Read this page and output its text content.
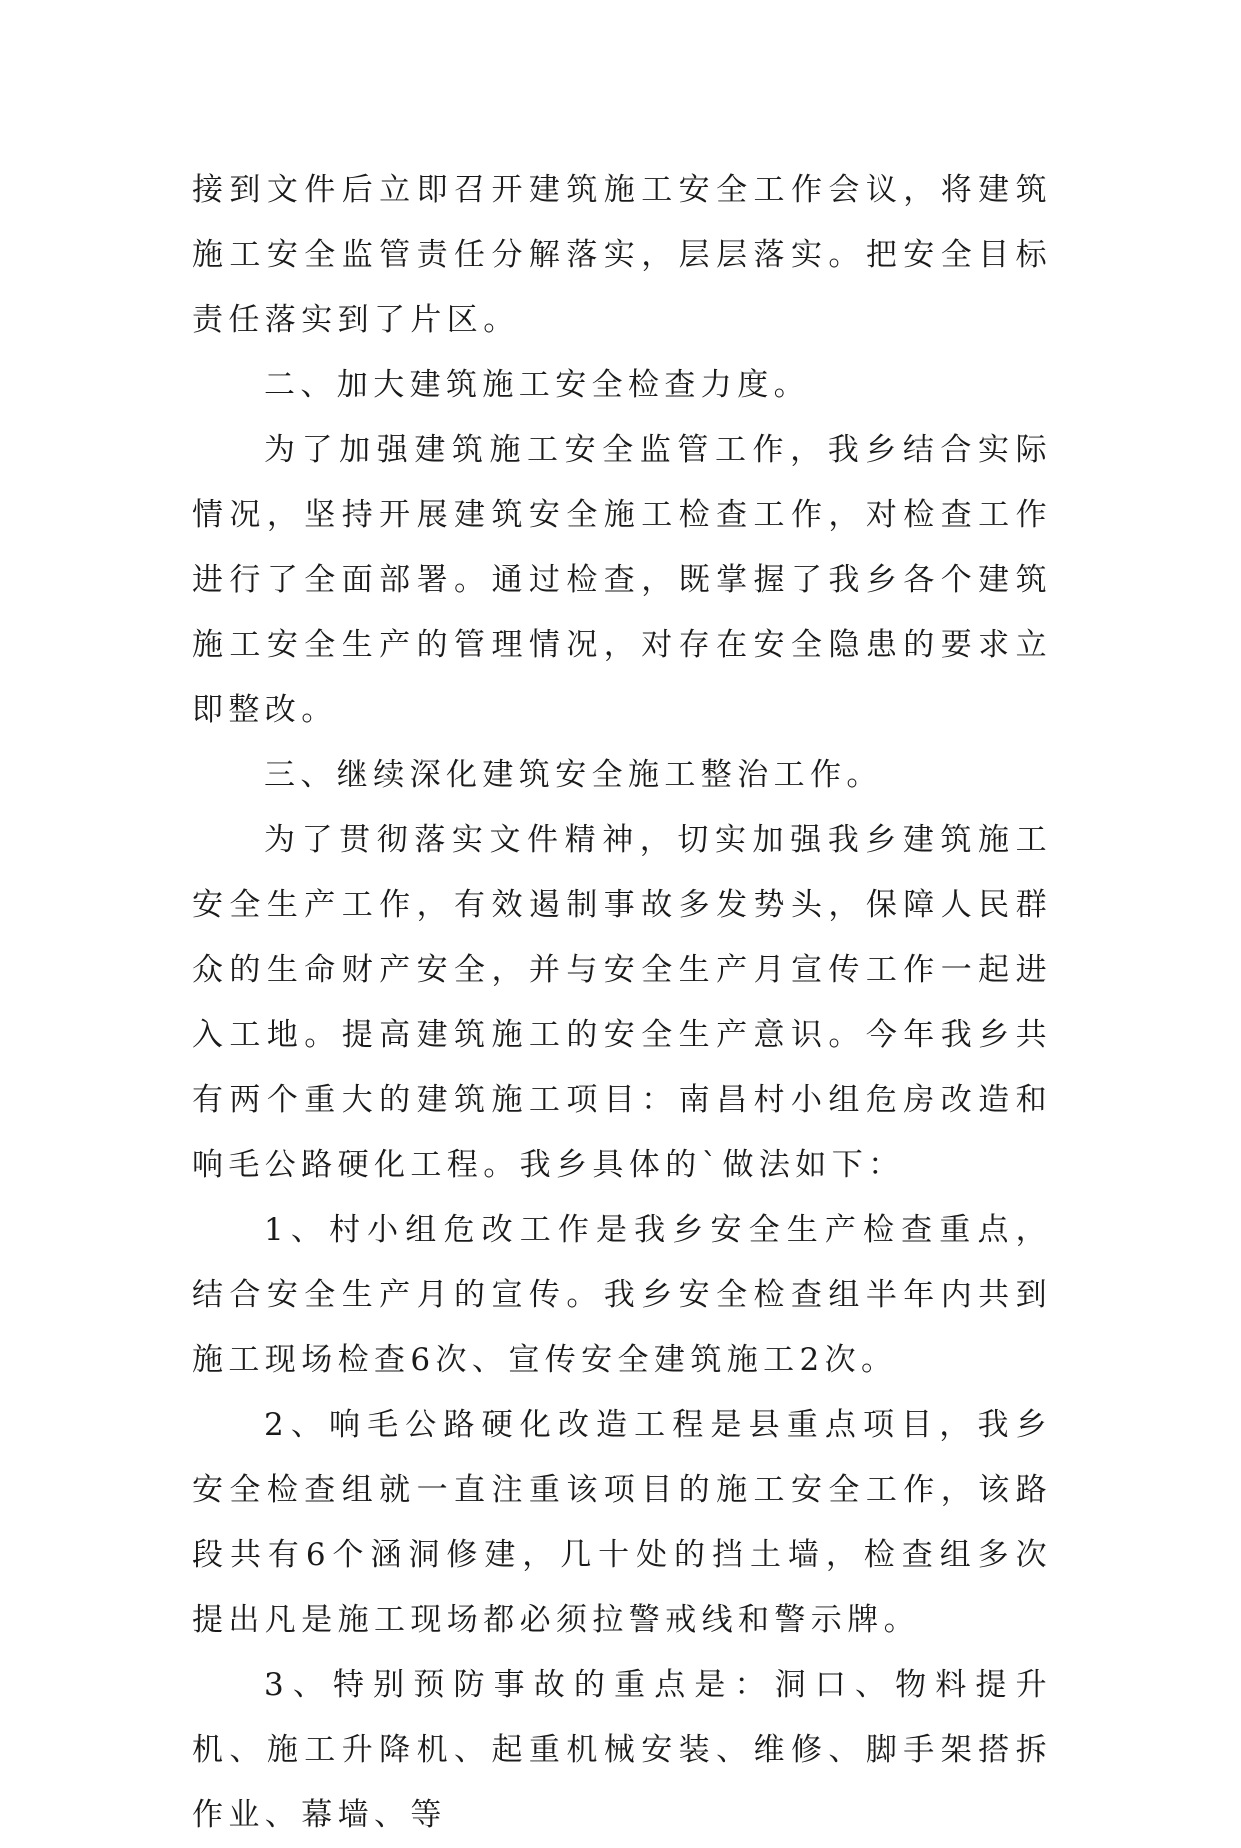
接到文件后立即召开建筑施工安全工作会议，将建筑施工安全监管责任分解落实，层层落实。把安全目标责任落实到了片区。

二、加大建筑施工安全检查力度。

为了加强建筑施工安全监管工作，我乡结合实际情况，坚持开展建筑安全施工检查工作，对检查工作进行了全面部署。通过检查，既掌握了我乡各个建筑施工安全生产的管理情况，对存在安全隐患的要求立即整改。

三、继续深化建筑安全施工整治工作。

为了贯彻落实文件精神，切实加强我乡建筑施工安全生产工作，有效遏制事故多发势头，保障人民群众的生命财产安全，并与安全生产月宣传工作一起进入工地。提高建筑施工的安全生产意识。今年我乡共有两个重大的建筑施工项目：南昌村小组危房改造和响毛公路硬化工程。我乡具体的`做法如下：

1、村小组危改工作是我乡安全生产检查重点，结合安全生产月的宣传。我乡安全检查组半年内共到施工现场检查6次、宣传安全建筑施工2次。

2、响毛公路硬化改造工程是县重点项目，我乡安全检查组就一直注重该项目的施工安全工作，该路段共有6个涵洞修建，几十处的挡土墙，检查组多次提出凡是施工现场都必须拉警戒线和警示牌。

3、特别预防事故的重点是：洞口、物料提升机、施工升降机、起重机械安装、维修、脚手架搭拆作业、幕墙、等
